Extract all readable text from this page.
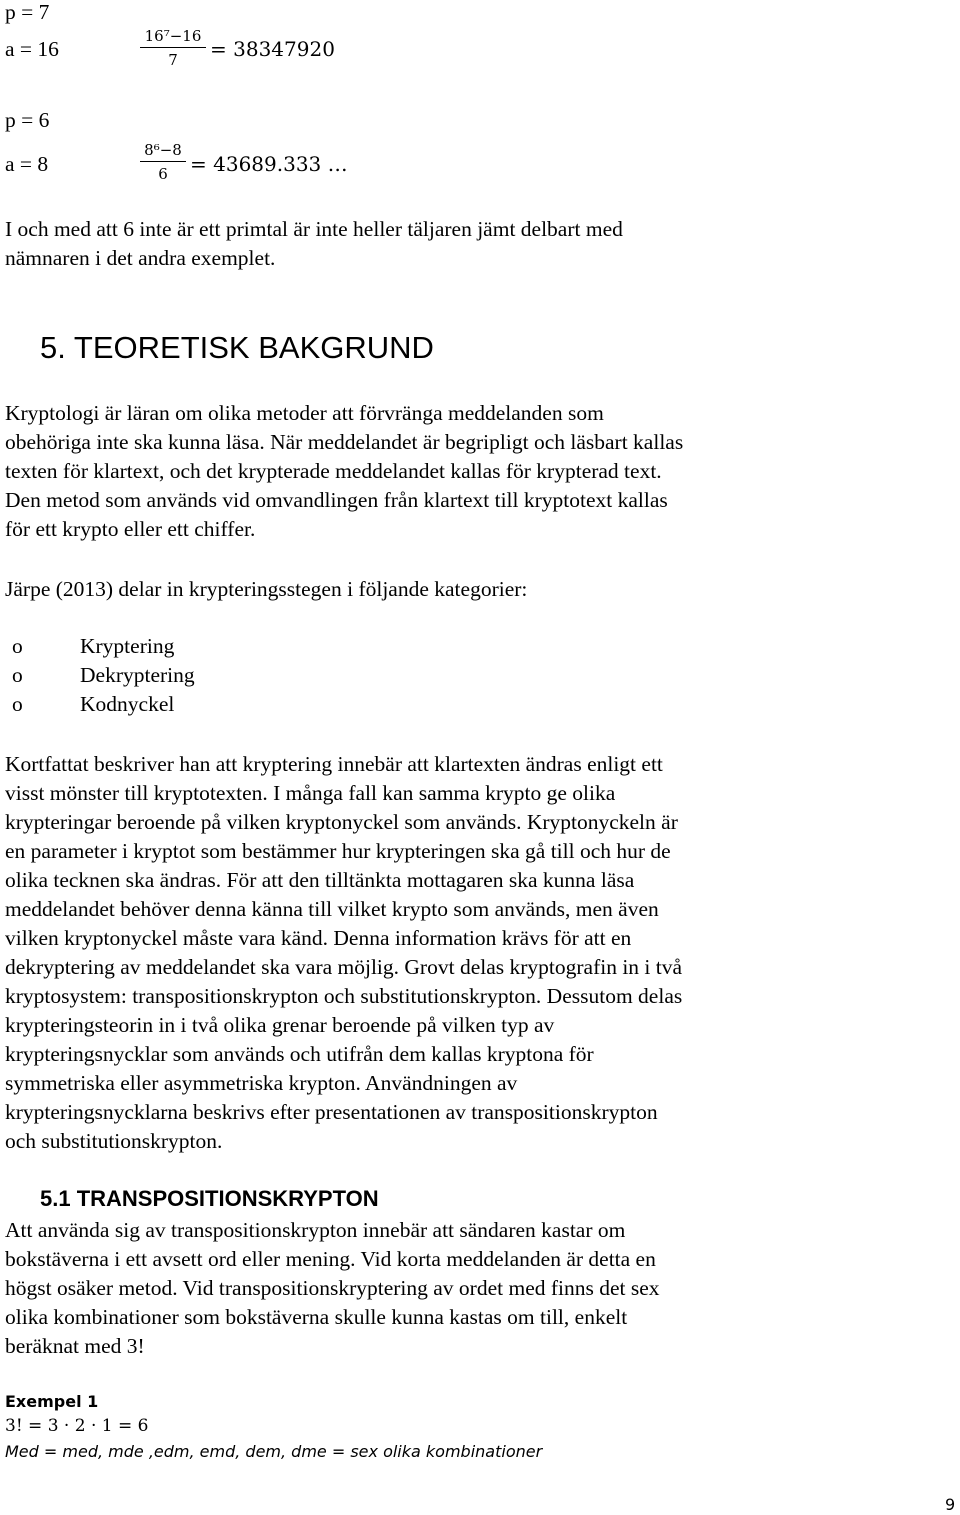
p = 7
a = 16
16⁷−16
7	= 38347920
p = 6
a = 8
8⁶−8
6	= 43689.333 …
I och med att 6 inte är ett primtal är inte heller täljaren jämt delbart med
nämnaren i det andra exemplet.
5. TEORETISK BAKGRUND
Kryptologi är läran om olika metoder att förvränga meddelanden som
obehöriga inte ska kunna läsa. När meddelandet är begripligt och läsbart kallas
texten för klartext, och det krypterade meddelandet kallas för krypterad text.
Den metod som används vid omvandlingen från klartext till kryptotext kallas
för ett krypto eller ett chiffer.
Järpe (2013) delar in krypteringsstegen i följande kategorier:
o	Kryptering
o	Dekryptering
o	Kodnyckel
Kortfattat beskriver han att kryptering innebär att klartexten ändras enligt ett
visst mönster till kryptotexten. I många fall kan samma krypto ge olika
krypteringar beroende på vilken kryptonyckel som används. Kryptonyckeln är
en parameter i kryptot som bestämmer hur krypteringen ska gå till och hur de
olika tecknen ska ändras. För att den tilltänkta mottagaren ska kunna läsa
meddelandet behöver denna känna till vilket krypto som används, men även
vilken kryptonyckel måste vara känd. Denna information krävs för att en
dekryptering av meddelandet ska vara möjlig. Grovt delas kryptografin in i två
kryptosystem: transpositionskrypton och substitutionskrypton. Dessutom delas
krypteringsteorin in i två olika grenar beroende på vilken typ av
krypteringsnycklar som används och utifrån dem kallas kryptona för
symmetriska eller asymmetriska krypton. Användningen av
krypteringsnycklarna beskrivs efter presentationen av transpositionskrypton
och substitutionskrypton.
5.1 TRANSPOSITIONSKRYPTON
Att använda sig av transpositionskrypton innebär att sändaren kastar om
bokstäverna i ett avsett ord eller mening. Vid korta meddelanden är detta en
högst osäker metod. Vid transpositionskryptering av ordet med finns det sex
olika kombinationer som bokstäverna skulle kunna kastas om till, enkelt
beräknat med 3!
Exempel 1
3! = 3 · 2 · 1 = 6
Med = med, mde ,edm, emd, dem, dme = sex olika kombinationer
9
